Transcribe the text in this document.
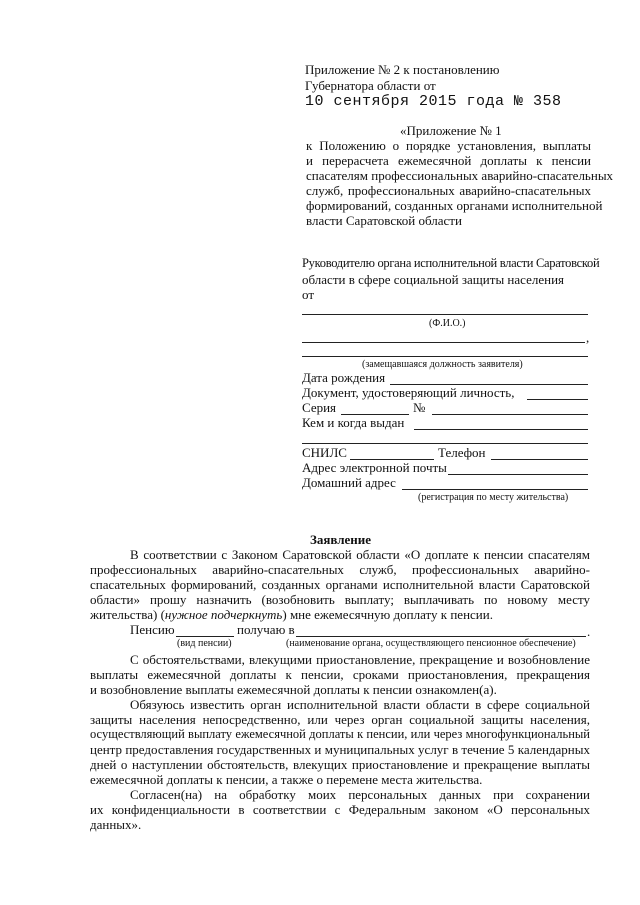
Приложение № 2 к постановлению
Губернатора области от
10 сентября 2015 года № 358
«Приложение № 1
к Положению о порядке установления, выплаты
и перерасчета ежемесячной доплаты к пенсии
спасателям профессиональных аварийно-спасательных
служб, профессиональных аварийно-спасательных
формирований, созданных органами исполнительной
власти Саратовской области
Руководителю органа исполнительной власти Саратовской
области в сфере социальной защиты населения
от
(Ф.И.О.)
,
(замещавшаяся должность заявителя)
Дата рождения
Документ, удостоверяющий личность,
Серия	№
Кем и когда выдан
СНИЛС	Телефон
Адрес электронной почты
Домашний адрес
(регистрация по месту жительства)
Заявление
В соответствии с Законом Саратовской области «О доплате к пенсии спасателям
профессиональных аварийно-спасательных служб, профессиональных аварийно-
спасательных формирований, созданных органами исполнительной власти Саратовской
области» прошу назначить (возобновить выплату; выплачивать по новому месту
жительства) (нужное подчеркнуть) мне ежемесячную доплату к пенсии.
Пенсию	получаю в	.
(вид пенсии)	(наименование органа, осуществляющего пенсионное обеспечение)
С обстоятельствами, влекущими приостановление, прекращение и возобновление
выплаты ежемесячной доплаты к пенсии, сроками приостановления, прекращения
и возобновление выплаты ежемесячной доплаты к пенсии ознакомлен(а).
Обязуюсь известить орган исполнительной власти области в сфере социальной
защиты населения непосредственно, или через орган социальной защиты населения,
осуществляющий выплату ежемесячной доплаты к пенсии, или через многофункциональный
центр предоставления государственных и муниципальных услуг в течение 5 календарных
дней о наступлении обстоятельств, влекущих приостановление и прекращение выплаты
ежемесячной доплаты к пенсии, а также о перемене места жительства.
Согласен(на) на обработку моих персональных данных при сохранении
их конфиденциальности в соответствии с Федеральным законом «О персональных
данных».
